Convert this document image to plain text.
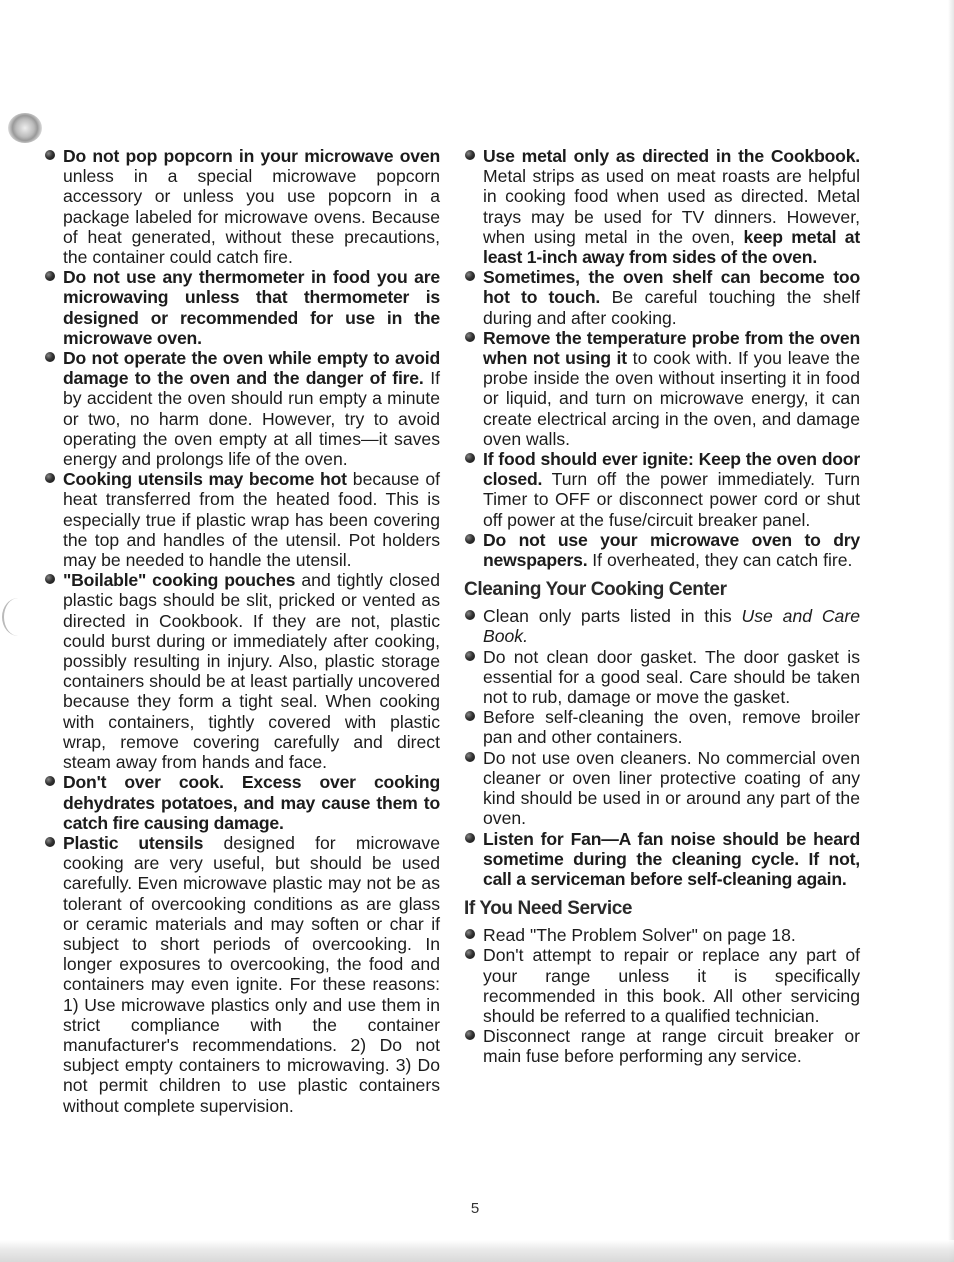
Do not pop popcorn in your microwave oven unless in a special microwave popcorn accessory or unless you use popcorn in a package labeled for microwave ovens. Because of heat generated, without these precautions, the container could catch fire.

Do not use any thermometer in food you are microwaving unless that thermometer is designed or recommended for use in the microwave oven.

Do not operate the oven while empty to avoid damage to the oven and the danger of fire. If by accident the oven should run empty a minute or two, no harm done. However, try to avoid operating the oven empty at all times—it saves energy and prolongs life of the oven.

Cooking utensils may become hot because of heat transferred from the heated food. This is especially true if plastic wrap has been covering the top and handles of the utensil. Pot holders may be needed to handle the utensil.

"Boilable" cooking pouches and tightly closed plastic bags should be slit, pricked or vented as directed in Cookbook. If they are not, plastic could burst during or immediately after cooking, possibly resulting in injury. Also, plastic storage containers should be at least partially uncovered because they form a tight seal. When cooking with containers, tightly covered with plastic wrap, remove covering carefully and direct steam away from hands and face.

Don't over cook. Excess over cooking dehydrates potatoes, and may cause them to catch fire causing damage.

Plastic utensils designed for microwave cooking are very useful, but should be used carefully. Even microwave plastic may not be as tolerant of overcooking conditions as are glass or ceramic materials and may soften or char if subject to short periods of overcooking. In longer exposures to overcooking, the food and containers may even ignite. For these reasons: 1) Use microwave plastics only and use them in strict compliance with the container manufacturer's recommendations. 2) Do not subject empty containers to microwaving. 3) Do not permit children to use plastic containers without complete supervision.

Use metal only as directed in the Cookbook. Metal strips as used on meat roasts are helpful in cooking food when used as directed. Metal trays may be used for TV dinners. However, when using metal in the oven, keep metal at least 1-inch away from sides of the oven.

Sometimes, the oven shelf can become too hot to touch. Be careful touching the shelf during and after cooking.

Remove the temperature probe from the oven when not using it to cook with. If you leave the probe inside the oven without inserting it in food or liquid, and turn on microwave energy, it can create electrical arcing in the oven, and damage oven walls.

If food should ever ignite: Keep the oven door closed. Turn off the power immediately. Turn Timer to OFF or disconnect power cord or shut off power at the fuse/circuit breaker panel.

Do not use your microwave oven to dry newspapers. If overheated, they can catch fire.

Cleaning Your Cooking Center

Clean only parts listed in this Use and Care Book.

Do not clean door gasket. The door gasket is essential for a good seal. Care should be taken not to rub, damage or move the gasket.

Before self-cleaning the oven, remove broiler pan and other containers.

Do not use oven cleaners. No commercial oven cleaner or oven liner protective coating of any kind should be used in or around any part of the oven.

Listen for Fan—A fan noise should be heard sometime during the cleaning cycle. If not, call a serviceman before self-cleaning again.

If You Need Service

Read "The Problem Solver" on page 18.

Don't attempt to repair or replace any part of your range unless it is specifically recommended in this book. All other servicing should be referred to a qualified technician.

Disconnect range at range circuit breaker or main fuse before performing any service.

5
